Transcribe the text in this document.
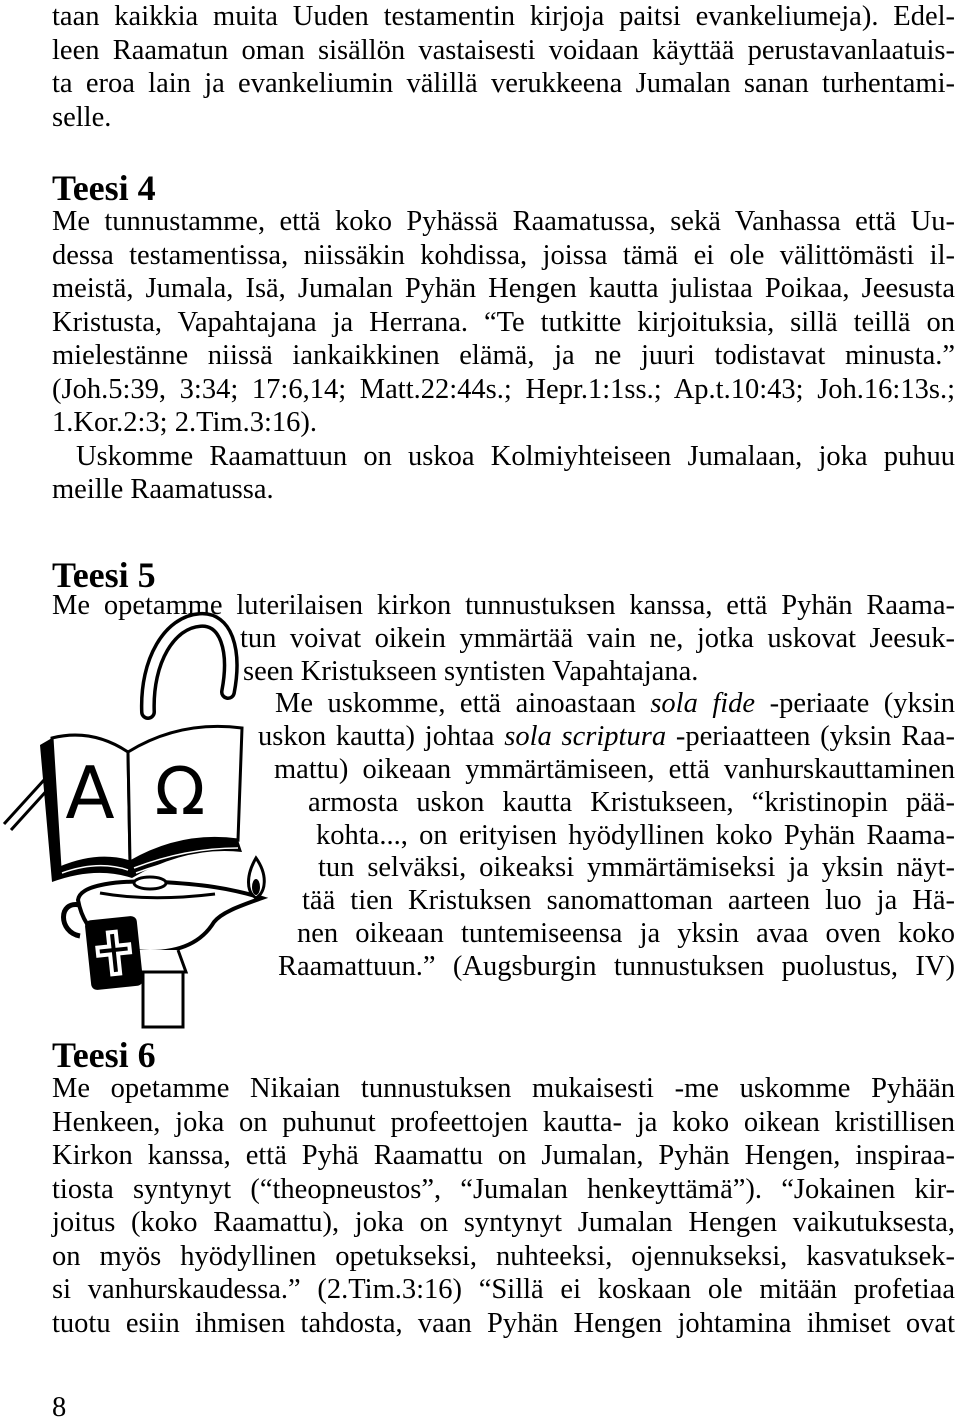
taan kaikkia muita Uuden testamentin kirjoja paitsi evankeliumeja). Edel-
leen Raamatun oman sisällön vastaisesti voidaan käyttää perustavanlaatuis-
ta eroa lain ja evankeliumin välillä verukkeena Jumalan sanan turhentami-
selle.
Teesi 4
Me tunnustamme, että koko Pyhässä Raamatussa, sekä Vanhassa että Uu-
dessa testamentissa, niissäkin kohdissa, joissa tämä ei ole välittömästi il-
meistä, Jumala, Isä, Jumalan Pyhän Hengen kautta julistaa Poikaa, Jeesusta
Kristusta, Vapahtajana ja Herrana. “Te tutkitte kirjoituksia, sillä teillä on
mielestänne niissä iankaikkinen elämä, ja ne juuri todistavat minusta.”
(Joh.5:39, 3:34; 17:6,14; Matt.22:44s.; Hepr.1:1ss.; Ap.t.10:43; Joh.16:13s.;
1.Kor.2:3; 2.Tim.3:16).
Uskomme Raamattuun on uskoa Kolmiyhteiseen Jumalaan, joka puhuu
meille Raamatussa.
Teesi 5
Me opetamme luterilaisen kirkon tunnustuksen kanssa, että Pyhän Raama-
tun voivat oikein ymmärtää vain ne, jotka uskovat Jeesuk-
seen Kristukseen syntisten Vapahtajana.
Me uskomme, että ainoastaan sola fide -periaate (yksin
uskon kautta) johtaa sola scriptura -periaatteen (yksin Raa-
mattu) oikeaan ymmärtämiseen, että vanhurskauttaminen
armosta uskon kautta Kristukseen, “kristinopin pää-
kohta..., on erityisen hyödyllinen koko Pyhän Raama-
tun selväksi, oikeaksi ymmärtämiseksi ja yksin näyt-
tää tien Kristuksen sanomattoman aarteen luo ja Hä-
nen oikeaan tuntemiseensa ja yksin avaa oven koko
Raamattuun.” (Augsburgin tunnustuksen puolustus, IV)
A Ω
Teesi 6
Me opetamme Nikaian tunnustuksen mukaisesti -me uskomme Pyhään
Henkeen, joka on puhunut profeettojen kautta- ja koko oikean kristillisen
Kirkon kanssa, että Pyhä Raamattu on Jumalan, Pyhän Hengen, inspiraa-
tiosta syntynyt (“theopneustos”, “Jumalan henkeyttämä”). “Jokainen kir-
joitus (koko Raamattu), joka on syntynyt Jumalan Hengen vaikutuksesta,
on myös hyödyllinen opetukseksi, nuhteeksi, ojennukseksi, kasvatuksek-
si vanhurskaudessa.” (2.Tim.3:16) “Sillä ei koskaan ole mitään profetiaa
tuotu esiin ihmisen tahdosta, vaan Pyhän Hengen johtamina ihmiset ovat
8
